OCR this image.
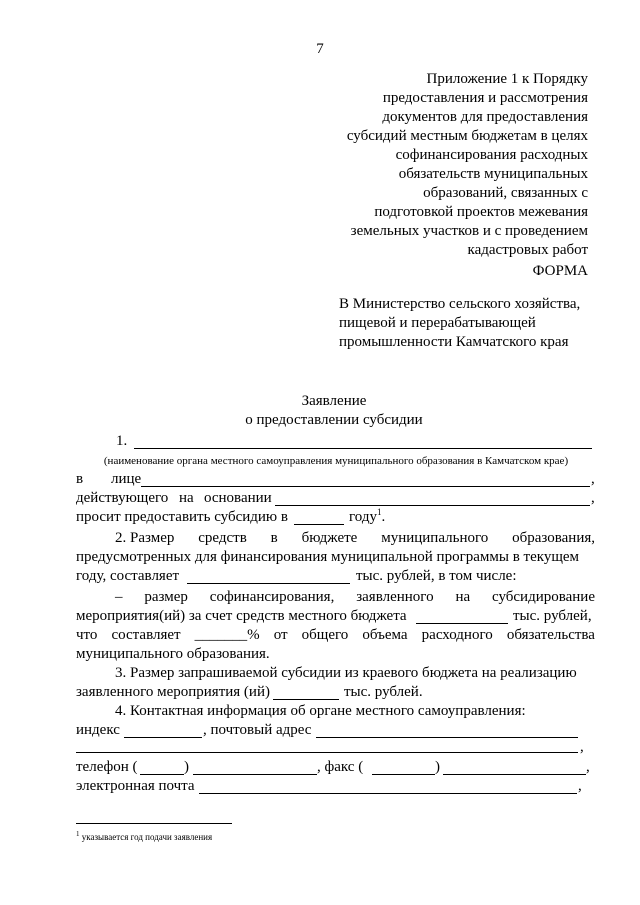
7
Приложение 1 к Порядку
предоставления и рассмотрения
документов для предоставления
субсидий местным бюджетам в целях
софинансирования расходных
обязательств муниципальных
образований, связанных с
подготовкой проектов межевания
земельных участков и с проведением
кадастровых работ
ФОРМА
В Министерство сельского хозяйства,
пищевой и перерабатывающей
промышленности Камчатского края
Заявление
о предоставлении субсидии
1.
(наименование органа местного самоуправления муниципального образования в Камчатском крае)
в лице	,
действующего на основании	,
просит предоставить субсидию в	году$^1$.
2. Размер средств в бюджете муниципального образования,
предусмотренных для финансирования муниципальной программы в текущем
году, составляет	тыс. рублей, в том числе:
– размер софинансирования, заявленного на субсидирование
мероприятия(ий) за счет средств местного бюджета	тыс. рублей,
что составляет _______% от общего объема расходного обязательства
муниципального образования.
3. Размер запрашиваемой субсидии из краевого бюджета на реализацию
заявленного мероприятия (ий)	тыс. рублей.
4. Контактная информация об органе местного самоуправления:
индекс	, почтовый адрес
,
телефон (	)	, факс (	)	,
электронная почта	,
$^1$ указывается год подачи заявления
